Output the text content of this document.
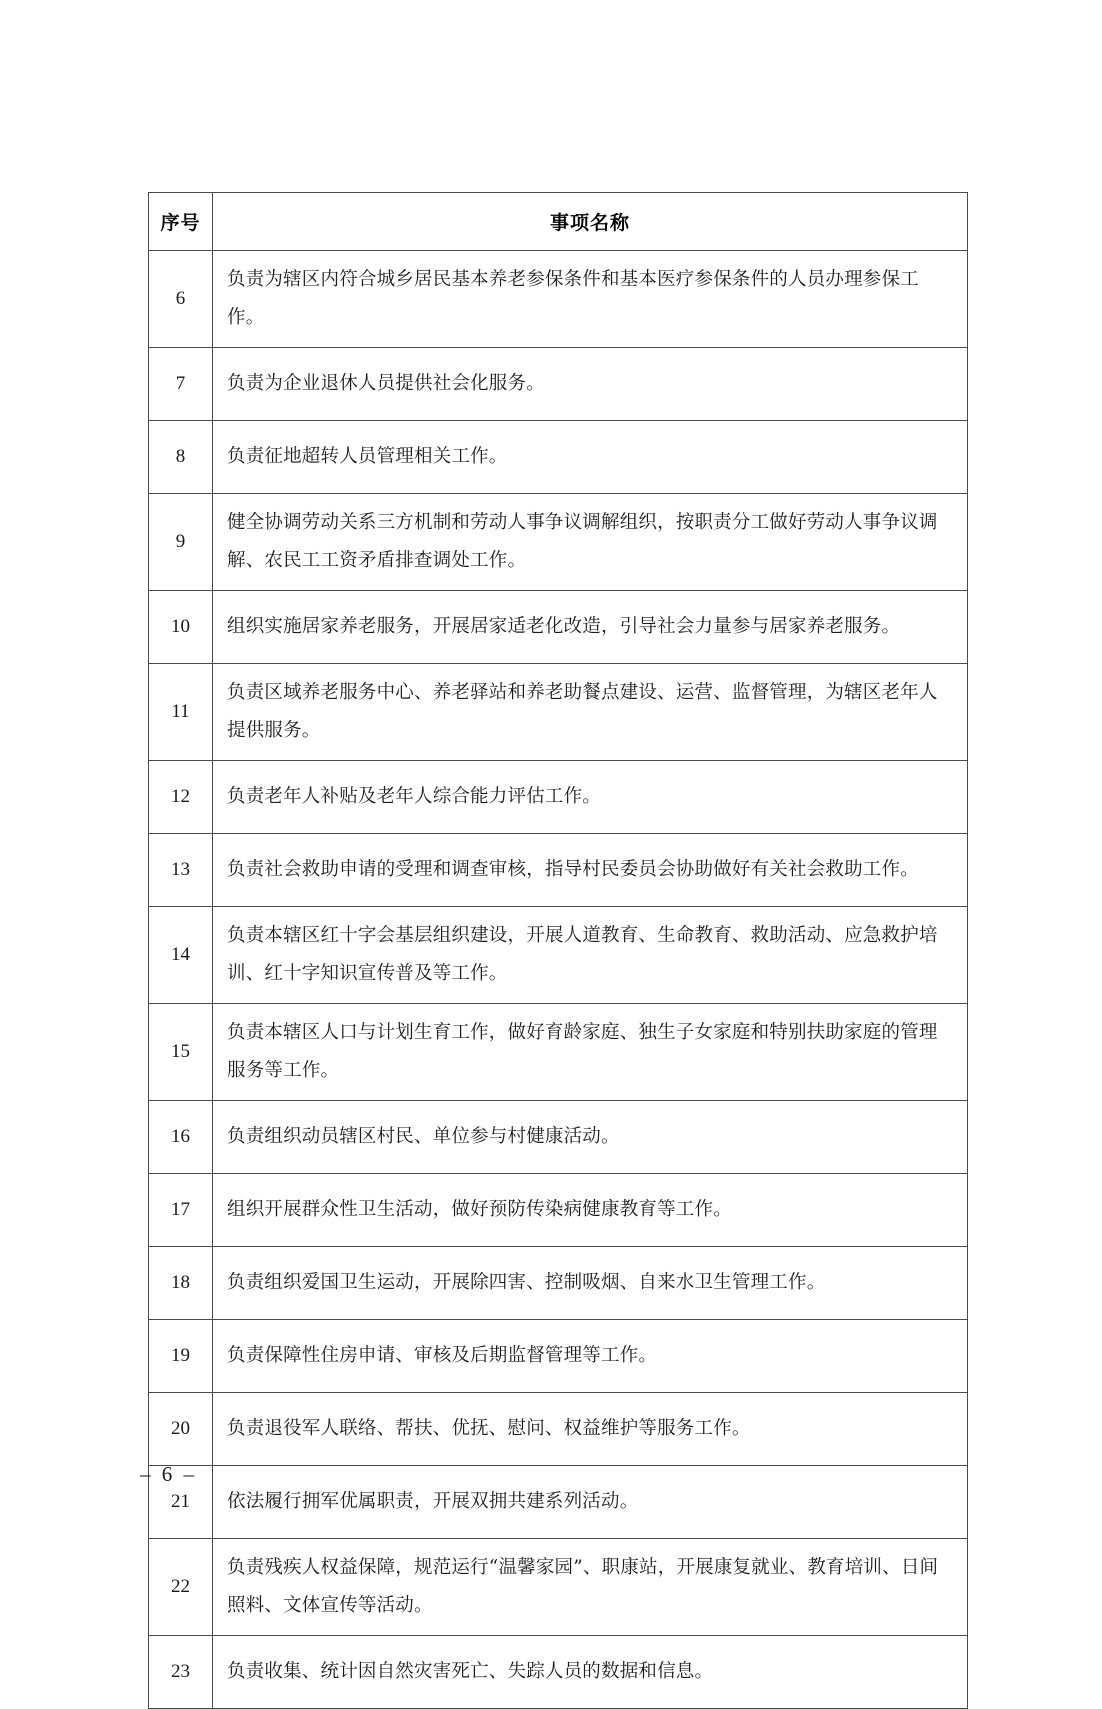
序号	事项名称
6	负责为辖区内符合城乡居民基本养老参保条件和基本医疗参保条件的人员办理参保工作。
7	负责为企业退休人员提供社会化服务。
8	负责征地超转人员管理相关工作。
9	健全协调劳动关系三方机制和劳动人事争议调解组织，按职责分工做好劳动人事争议调解、农民工工资矛盾排查调处工作。
10	组织实施居家养老服务，开展居家适老化改造，引导社会力量参与居家养老服务。
11	负责区域养老服务中心、养老驿站和养老助餐点建设、运营、监督管理，为辖区老年人提供服务。
12	负责老年人补贴及老年人综合能力评估工作。
13	负责社会救助申请的受理和调查审核，指导村民委员会协助做好有关社会救助工作。
14	负责本辖区红十字会基层组织建设，开展人道教育、生命教育、救助活动、应急救护培训、红十字知识宣传普及等工作。
15	负责本辖区人口与计划生育工作，做好育龄家庭、独生子女家庭和特别扶助家庭的管理服务等工作。
16	负责组织动员辖区村民、单位参与村健康活动。
17	组织开展群众性卫生活动，做好预防传染病健康教育等工作。
18	负责组织爱国卫生运动，开展除四害、控制吸烟、自来水卫生管理工作。
19	负责保障性住房申请、审核及后期监督管理等工作。
20	负责退役军人联络、帮扶、优抚、慰问、权益维护等服务工作。
21	依法履行拥军优属职责，开展双拥共建系列活动。
22	负责残疾人权益保障，规范运行“温馨家园”、职康站，开展康复就业、教育培训、日间照料、文体宣传等活动。
23	负责收集、统计因自然灾害死亡、失踪人员的数据和信息。
– 6 –
